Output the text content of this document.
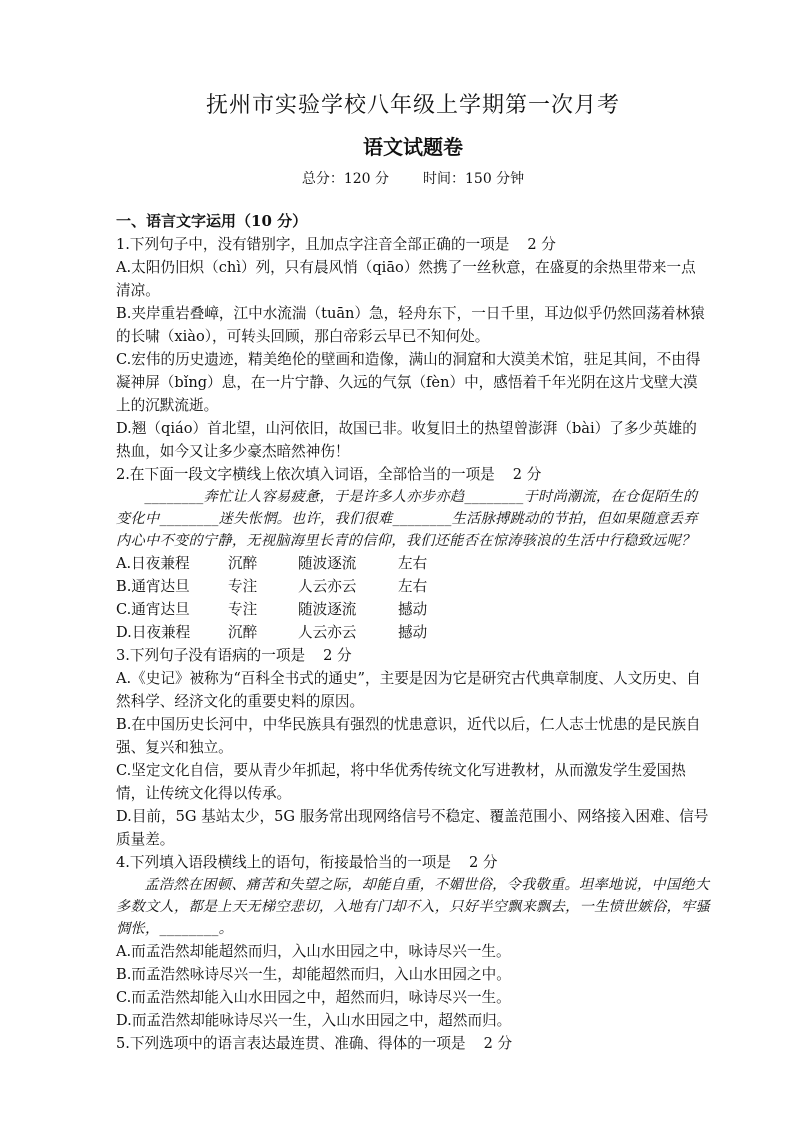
抚州市实验学校八年级上学期第一次月考
语文试题卷
总分：120 分 时间：150 分钟
一、语言文字运用（10 分）

1.下列句子中，没有错别字，且加点字注音全部正确的一项是 2 分

A.太阳仍旧炽（chì）列，只有晨风悄（qiāo）然携了一丝秋意，在盛夏的余热里带来一点清凉。

B.夹岸重岩叠嶂，江中水流湍（tuān）急，轻舟东下，一日千里，耳边似乎仍然回荡着林猿的长啸（xiào），可转头回顾，那白帝彩云早已不知何处。

C.宏伟的历史遗迹，精美绝伦的壁画和造像，满山的洞窟和大漠美术馆，驻足其间，不由得凝神屏（bǐng）息，在一片宁静、久远的气氛（fèn）中，感悟着千年光阴在这片戈壁大漠上的沉默流逝。

D.翘（qiáo）首北望，山河依旧，故国已非。收复旧土的热望曾澎湃（bài）了多少英雄的热血，如今又让多少豪杰暗然神伤！

2.在下面一段文字横线上依次填入词语，全部恰当的一项是 2 分

________奔忙让人容易疲惫，于是许多人亦步亦趋________于时尚潮流，在仓促陌生的变化中________迷失怅惘。也许，我们很难________生活脉搏跳动的节拍，但如果随意丢弃内心中不变的宁静，无视脑海里长青的信仰，我们还能否在惊涛骇浪的生活中行稳致远呢？

A.日夜兼程	沉醉	随波逐流	左右
B.通宵达旦	专注	人云亦云	左右
C.通宵达旦	专注	随波逐流	撼动
D.日夜兼程	沉醉	人云亦云	撼动

3.下列句子没有语病的一项是 2 分

A.《史记》被称为“百科全书式的通史”，主要是因为它是研究古代典章制度、人文历史、自然科学、经济文化的重要史料的原因。

B.在中国历史长河中，中华民族具有强烈的忧患意识，近代以后，仁人志士忧患的是民族自强、复兴和独立。

C.坚定文化自信，要从青少年抓起，将中华优秀传统文化写进教材，从而激发学生爱国热情，让传统文化得以传承。

D.目前，5G 基站太少，5G 服务常出现网络信号不稳定、覆盖范围小、网络接入困难、信号质量差。

4.下列填入语段横线上的语句，衔接最恰当的一项是 2 分

孟浩然在困顿、痛苦和失望之际，却能自重，不媚世俗，令我敬重。坦率地说，中国绝大多数文人，都是上天无梯空悲切，入地有门却不入，只好半空飘来飘去，一生愤世嫉俗，牢骚惆怅，________。

A.而孟浩然却能超然而归，入山水田园之中，咏诗尽兴一生。

B.而孟浩然咏诗尽兴一生，却能超然而归，入山水田园之中。

C.而孟浩然却能入山水田园之中，超然而归，咏诗尽兴一生。

D.而孟浩然却能咏诗尽兴一生，入山水田园之中，超然而归。

5.下列选项中的语言表达最连贯、准确、得体的一项是 2 分
